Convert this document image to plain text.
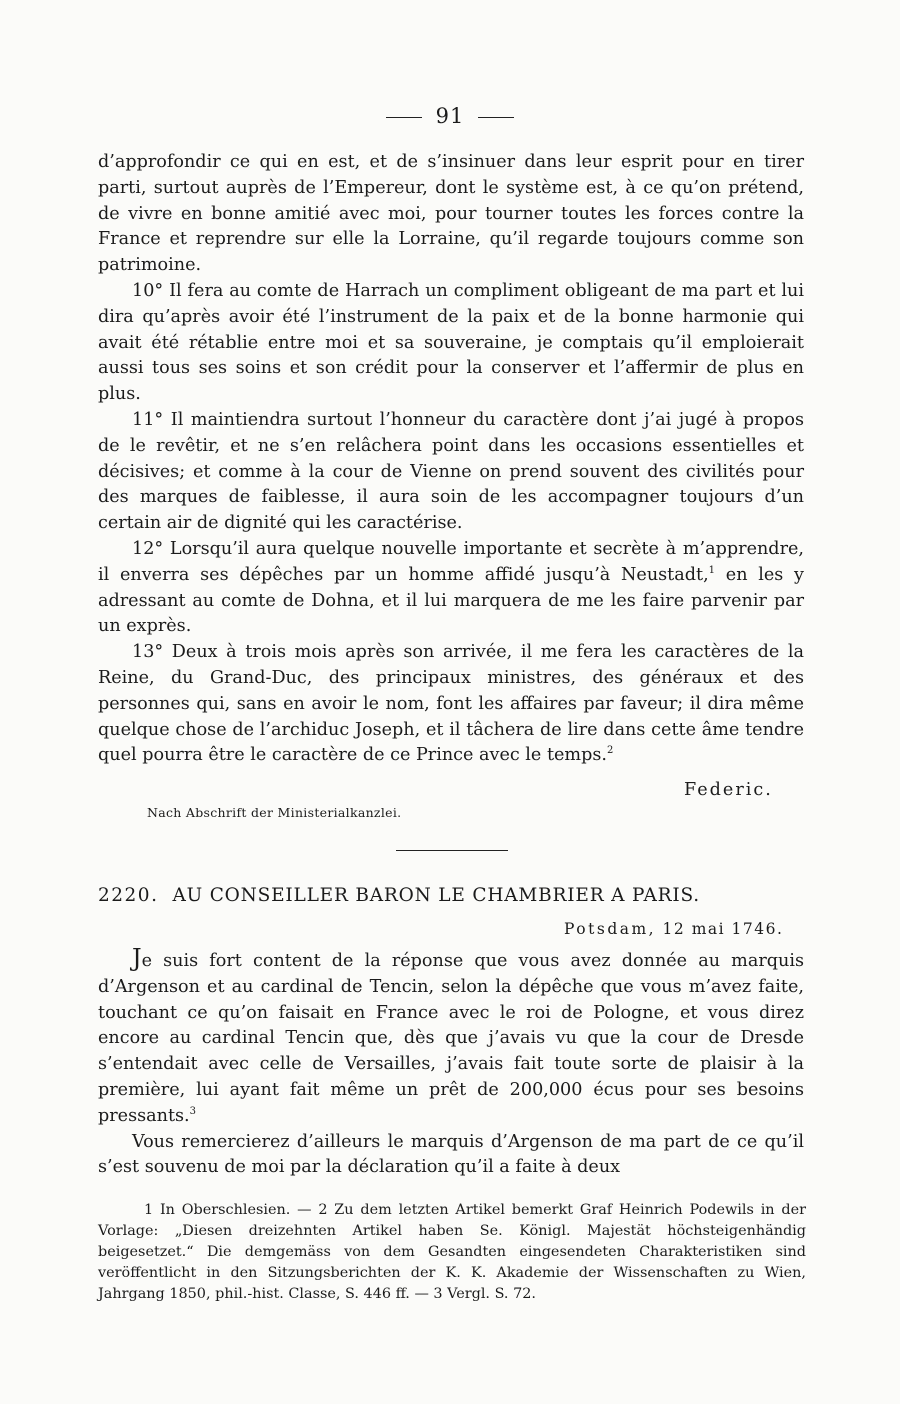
91

d’approfondir ce qui en est, et de s’insinuer dans leur esprit pour en tirer parti, surtout auprès de l’Empereur, dont le système est, à ce qu’on prétend, de vivre en bonne amitié avec moi, pour tourner toutes les forces contre la France et reprendre sur elle la Lorraine, qu’il regarde toujours comme son patrimoine.

10° Il fera au comte de Harrach un compliment obligeant de ma part et lui dira qu’après avoir été l’instrument de la paix et de la bonne harmonie qui avait été rétablie entre moi et sa souveraine, je comptais qu’il emploierait aussi tous ses soins et son crédit pour la conserver et l’affermir de plus en plus.

11° Il maintiendra surtout l’honneur du caractère dont j’ai jugé à propos de le revêtir, et ne s’en relâchera point dans les occasions essentielles et décisives; et comme à la cour de Vienne on prend souvent des civilités pour des marques de faiblesse, il aura soin de les accompagner toujours d’un certain air de dignité qui les caractérise.

12° Lorsqu’il aura quelque nouvelle importante et secrète à m’apprendre, il enverra ses dépêches par un homme affidé jusqu’à Neustadt,$^1$ en les y adressant au comte de Dohna, et il lui marquera de me les faire parvenir par un exprès.

13° Deux à trois mois après son arrivée, il me fera les caractères de la Reine, du Grand-Duc, des principaux ministres, des généraux et des personnes qui, sans en avoir le nom, font les affaires par faveur; il dira même quelque chose de l’archiduc Joseph, et il tâchera de lire dans cette âme tendre quel pourra être le caractère de ce Prince avec le temps.$^2$

Federic.
Nach Abschrift der Ministerialkanzlei.
2220. AU CONSEILLER BARON LE CHAMBRIER A PARIS.
Potsdam, 12 mai 1746.

Je suis fort content de la réponse que vous avez donnée au marquis d’Argenson et au cardinal de Tencin, selon la dépêche que vous m’avez faite, touchant ce qu’on faisait en France avec le roi de Pologne, et vous direz encore au cardinal Tencin que, dès que j’avais vu que la cour de Dresde s’entendait avec celle de Versailles, j’avais fait toute sorte de plaisir à la première, lui ayant fait même un prêt de 200,000 écus pour ses besoins pressants.$^3$

Vous remercierez d’ailleurs le marquis d’Argenson de ma part de ce qu’il s’est souvenu de moi par la déclaration qu’il a faite à deux

1 In Oberschlesien. — 2 Zu dem letzten Artikel bemerkt Graf Heinrich Podewils in der Vorlage: „Diesen dreizehnten Artikel haben Se. Königl. Majestät höchsteigenhändig beigesetzet.“ Die demgemäss von dem Gesandten eingesendeten Charakteristiken sind veröffentlicht in den Sitzungsberichten der K. K. Akademie der Wissenschaften zu Wien, Jahrgang 1850, phil.-hist. Classe, S. 446 ff. — 3 Vergl. S. 72.
